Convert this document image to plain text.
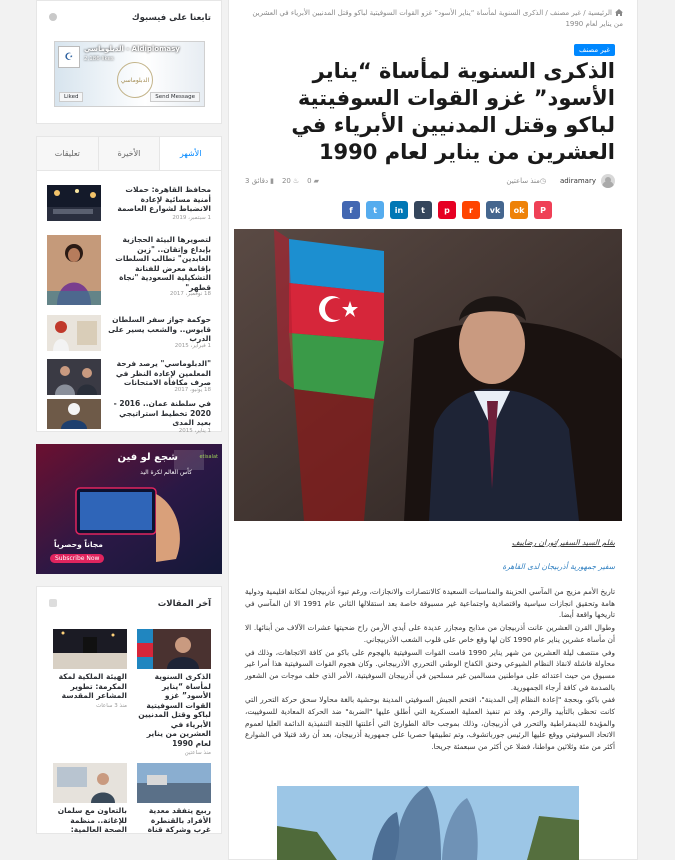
الرئيسية / غير مصنف / الذكرى السنوية لمأساة “يناير الأسود” غزو القوات السوفيتية لباكو وقتل المدنيين الأبرياء في العشرين من يناير لعام 1990
غير مصنف
الذكرى السنوية لمأساة “يناير الأسود” غزو القوات السوفيتية لباكو وقتل المدنيين الأبرياء في العشرين من يناير لعام 1990
adiramary
◷
منذ ساعتين
▰
0
♨
20
▮
دقائق 3
f	t	in	t	p	r	vk	ok	P
بقلم السيد السفير/توران رضاييف
سفير جمهورية أذربيجان لدى القاهرة

تاريخ الأمم مزيج من المآسي الحزينة والمناسبات السعيدة كالانتصارات والانجازات، ورغم تبوء أذربيجان لمكانة اقليمية ودولية هامة وتحقيق انجازات سياسية واقتصادية واجتماعية غير مسبوقة خاصة بعد استقلالها الثاني عام 1991 الا ان المآسي في تاريخها واقعة أيضا.

وطوال القرن العشرين عانت أذربيجان من مذابح ومجازر عديدة على أيدي الأرمن راح ضحيتها عشرات الآلاف من أبنائها. الا أن مأساة عشرين يناير عام 1990 كان لها وقع خاص على قلوب الشعب الأذربيجاني.

وفي منتصف ليلة العشرين من شهر يناير 1990 قامت القوات السوفيتية بالهجوم على باكو من كافة الاتجاهات، وذلك في محاولة فاشلة لانقاذ النظام الشيوعي وخنق الكفاح الوطني التحرري الأذربيجاني. وكان هجوم القوات السوفيتية هذا أمرا غير مسبوق من حيث اعتدائه على مواطنين مسالمين غير مسلحين في أذربيجان السوفيتية، الأمر الذي خلف موجات من الشعور بالصدمة في كافة أرجاء الجمهورية.

ففي باكو، وبحجة "إعادة النظام إلى المدينة"، اقتحم الجيش السوفيتي المدينة بوحشية بالغة محاولا سحق حركة التحرر التي كانت تحظى بالتأييد والزخم. وقد تم تنفيذ العملية العسكرية التي أطلق عليها "الضربة" ضد الحركة المعادية للسوفييت، والمؤيدة للديمقراطية والتحرر في أذربيجان، وذلك بموجب حالة الطوارئ التي أعلنتها اللجنة التنفيذية الدائمة العليا لعموم الاتحاد السوفيتي ووقع عليها الرئيس جورباتشوف، وتم تطبيقها حصريا على جمهورية أذربيجان، بعد أن رقد قتيلا في الشوارع أكثر من مئة وثلاثين مواطنا، فضلا عن أكثر من سبعمئة جريحا.

تابعنا على فيسبوك
☪
الدبلوماسي - Aldiplomasy
2,186 likes
الدبلوماسي
Liked	Send Message
الأشهر
الأخيرة
تعليقات
محافظ القاهرة: حملات أمنية مسائية لإعادة الانضباط لشوارع العاصمة
1 سبتمبر، 2019
لتصويرها البيئة الحجازية بإبداع وإتقان.. "زين العابدين" تطالب السلطات بإقامة معرض للفنانة التشكيلية السعودية "نجاة قطهر"
18 نوفمبر، 2017
حوكمة جواز سفر السلطان قابوس.. والشعب يسير على الدرب
1 فبراير، 2015
"الدبلوماسي" يرصد فرحة المعلمين لإعادة النظر في صرف مكافأة الامتحانات
18 يونيو، 2017
في سلطنة عمان.. 2016 - 2020 تخطيط استراتيجي بعيد المدى
1 يناير، 2015
شجع لو فين
كأس العالم لكرة اليد
مجاناً وحصرياً
Subscribe Now
etisalat
آخر المقالات
الذكرى السنوية لمأساة “يناير الأسود” غزو القوات السوفيتية لباكو وقتل المدنيين الأبرياء في العشرين من يناير لعام 1990
منذ ساعتين
الهيئة الملكية لمكة المكرمة: تطوير المشاعر المقدسة
منذ 3 ساعات
ربيع يتفقد معدية الأفراد بالقنطرة غرب وشركة قناة
بالتعاون مع سلمان للإغاثة.. منظمة الصحة العالمية:
